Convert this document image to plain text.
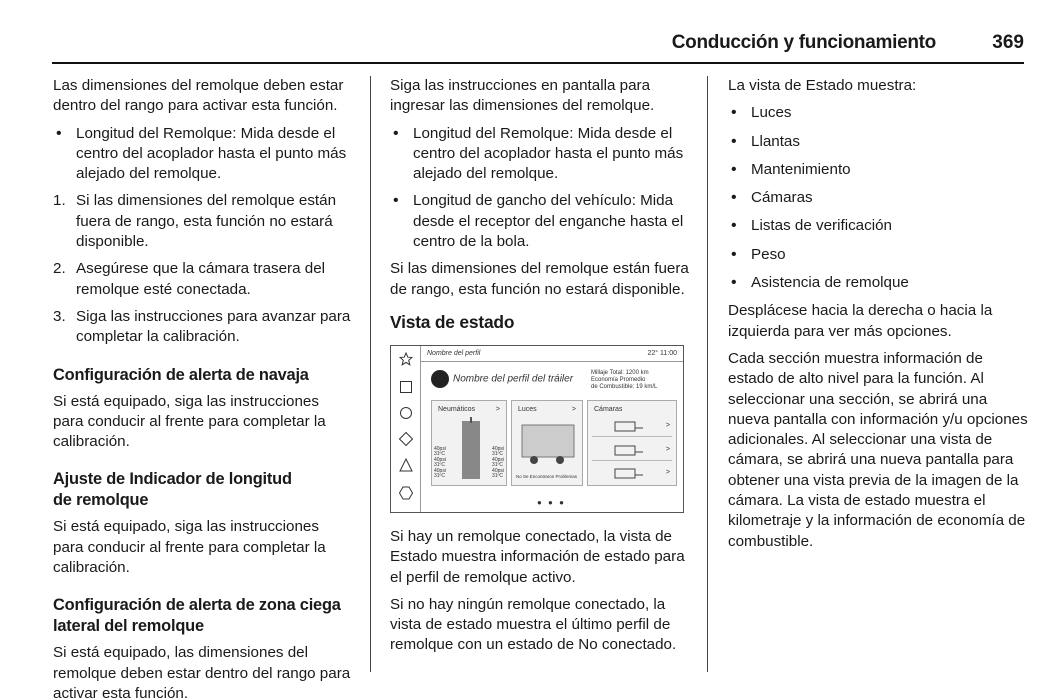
Conducción y funcionamiento	369

Las dimensiones del remolque deben estar dentro del rango para activar esta función.

• Longitud del Remolque: Mida desde el centro del acoplador hasta el punto más alejado del remolque.
1. Si las dimensiones del remolque están fuera de rango, esta función no estará disponible.
2. Asegúrese que la cámara trasera del remolque esté conectada.
3. Siga las instrucciones para avanzar para completar la calibración.
Configuración de alerta de navaja

Si está equipado, siga las instrucciones para conducir al frente para completar la calibración.

Ajuste de Indicador de longitud de remolque

Si está equipado, siga las instrucciones para conducir al frente para completar la calibración.

Configuración de alerta de zona ciega lateral del remolque

Si está equipado, las dimensiones del remolque deben estar dentro del rango para activar esta función.

Siga las instrucciones en pantalla para ingresar las dimensiones del remolque.

• Longitud del Remolque: Mida desde el centro del acoplador hasta el punto más alejado del remolque.
• Longitud de gancho del vehículo: Mida desde el receptor del enganche hasta el centro de la bola.

Si las dimensiones del remolque están fuera de rango, esta función no estará disponible.

Vista de estado
Nombre del perfil	22° 11:00
Nombre del perfil del tráiler
Millaje Total: 1200 km
Economía Promedio
de Combustible: 19 km/L
Neumáticos	>
40psi
31ºC
40psi
31ºC
40psi
31ºC
40psi
31ºC
40psi
31ºC
40psi
31ºC
Luces	>
No Se Encontraron Problemas
Cámaras
>
>
>
● ● ●

Si hay un remolque conectado, la vista de Estado muestra información de estado para el perfil de remolque activo.

Si no hay ningún remolque conectado, la vista de estado muestra el último perfil de remolque con un estado de No conectado.

La vista de Estado muestra:

• Luces
• Llantas
• Mantenimiento
• Cámaras
• Listas de verificación
• Peso
• Asistencia de remolque

Desplácese hacia la derecha o hacia la izquierda para ver más opciones.

Cada sección muestra información de estado de alto nivel para la función. Al seleccionar una sección, se abrirá una nueva pantalla con información y/u opciones adicionales. Al seleccionar una vista de cámara, se abrirá una nueva pantalla para obtener una vista previa de la imagen de la cámara. La vista de estado muestra el kilometraje y la información de economía de combustible.
